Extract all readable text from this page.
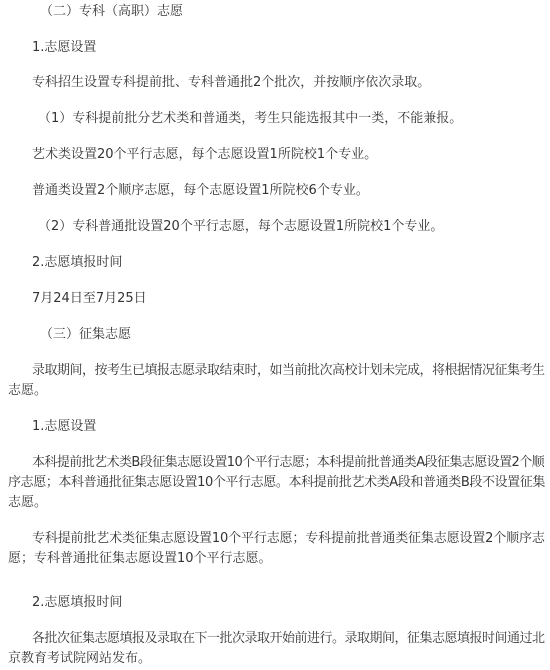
（二）专科（高职）志愿
1.志愿设置
专科招生设置专科提前批、专科普通批2个批次，并按顺序依次录取。
（1）专科提前批分艺术类和普通类，考生只能选报其中一类，不能兼报。
艺术类设置20个平行志愿，每个志愿设置1所院校1个专业。
普通类设置2个顺序志愿，每个志愿设置1所院校6个专业。
（2）专科普通批设置20个平行志愿，每个志愿设置1所院校1个专业。
2.志愿填报时间
7月24日至7月25日
（三）征集志愿
录取期间，按考生已填报志愿录取结束时，如当前批次高校计划未完成，将根据情况征集考生
志愿。
1.志愿设置
本科提前批艺术类B段征集志愿设置10个平行志愿；本科提前批普通类A段征集志愿设置2个顺
序志愿；本科普通批征集志愿设置10个平行志愿。本科提前批艺术类A段和普通类B段不设置征集
志愿。
专科提前批艺术类征集志愿设置10个平行志愿；专科提前批普通类征集志愿设置2个顺序志
愿；专科普通批征集志愿设置10个平行志愿。
2.志愿填报时间
各批次征集志愿填报及录取在下一批次录取开始前进行。录取期间，征集志愿填报时间通过北
京教育考试院网站发布。
